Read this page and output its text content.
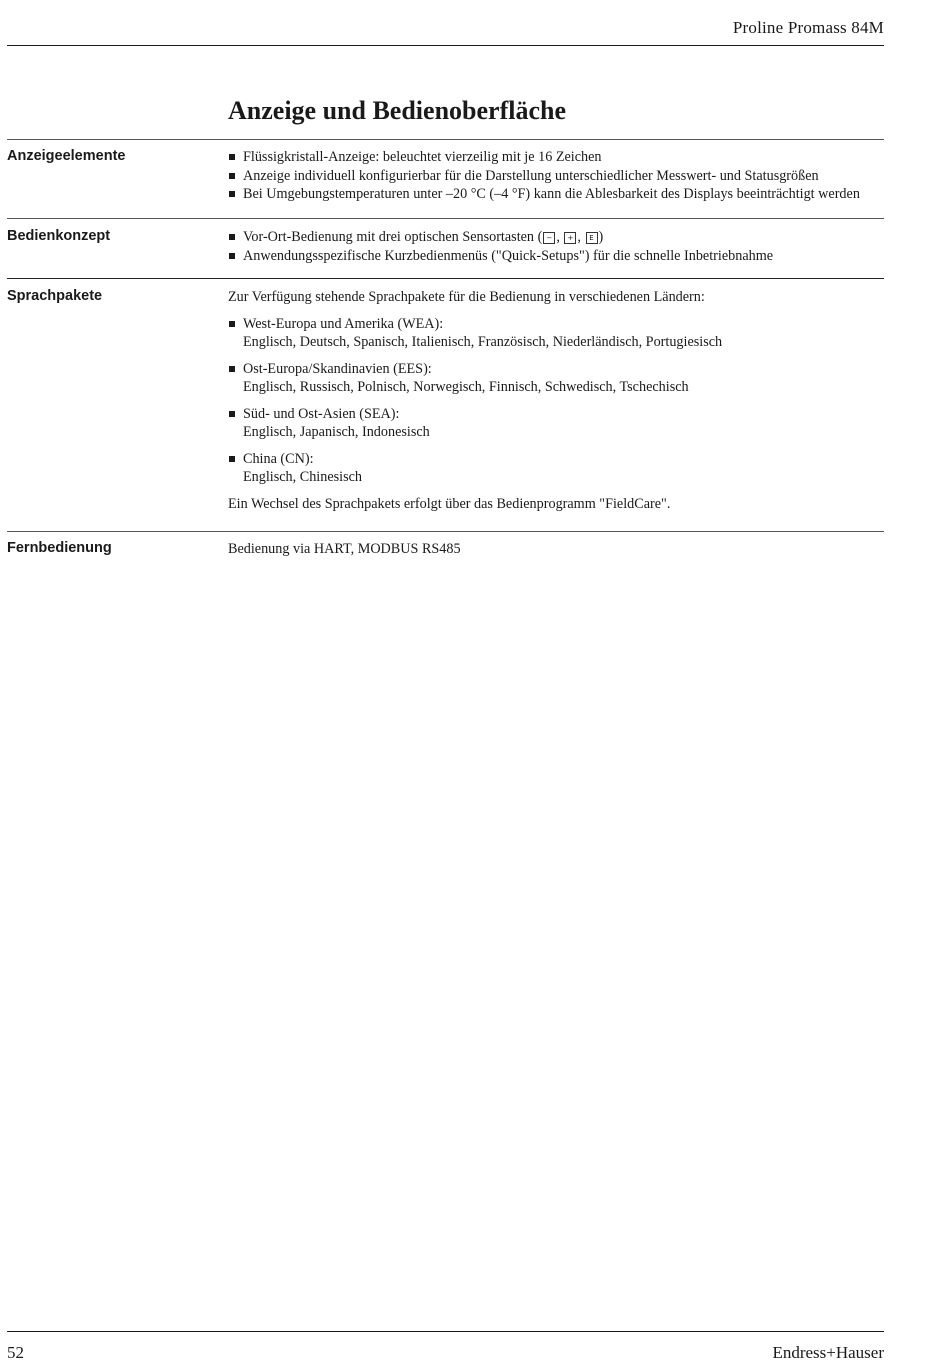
Proline Promass 84M
Anzeige und Bedienoberfläche
Anzeigeelemente	Flüssigkristall-Anzeige: beleuchtet vierzeilig mit je 16 Zeichen
Anzeige individuell konfigurierbar für die Darstellung unterschiedlicher Messwert- und Statusgrößen
Bei Umgebungstemperaturen unter –20 °C (–4 °F) kann die Ablesbarkeit des Displays beeinträchtigt werden
Bedienkonzept	Vor-Ort-Bedienung mit drei optischen Sensortasten ( − , + , E )
Anwendungsspezifische Kurzbedienmenüs ("Quick-Setups") für die schnelle Inbetriebnahme
Sprachpakete	Zur Verfügung stehende Sprachpakete für die Bedienung in verschiedenen Ländern:

West-Europa und Amerika (WEA):
Englisch, Deutsch, Spanisch, Italienisch, Französisch, Niederländisch, Portugiesisch
Ost-Europa/Skandinavien (EES):
Englisch, Russisch, Polnisch, Norwegisch, Finnisch, Schwedisch, Tschechisch
Süd- und Ost-Asien (SEA):
Englisch, Japanisch, Indonesisch
China (CN):
Englisch, Chinesisch

Ein Wechsel des Sprachpakets erfolgt über das Bedienprogramm "FieldCare".

Fernbedienung	Bedienung via HART, MODBUS RS485
52	Endress+Hauser
